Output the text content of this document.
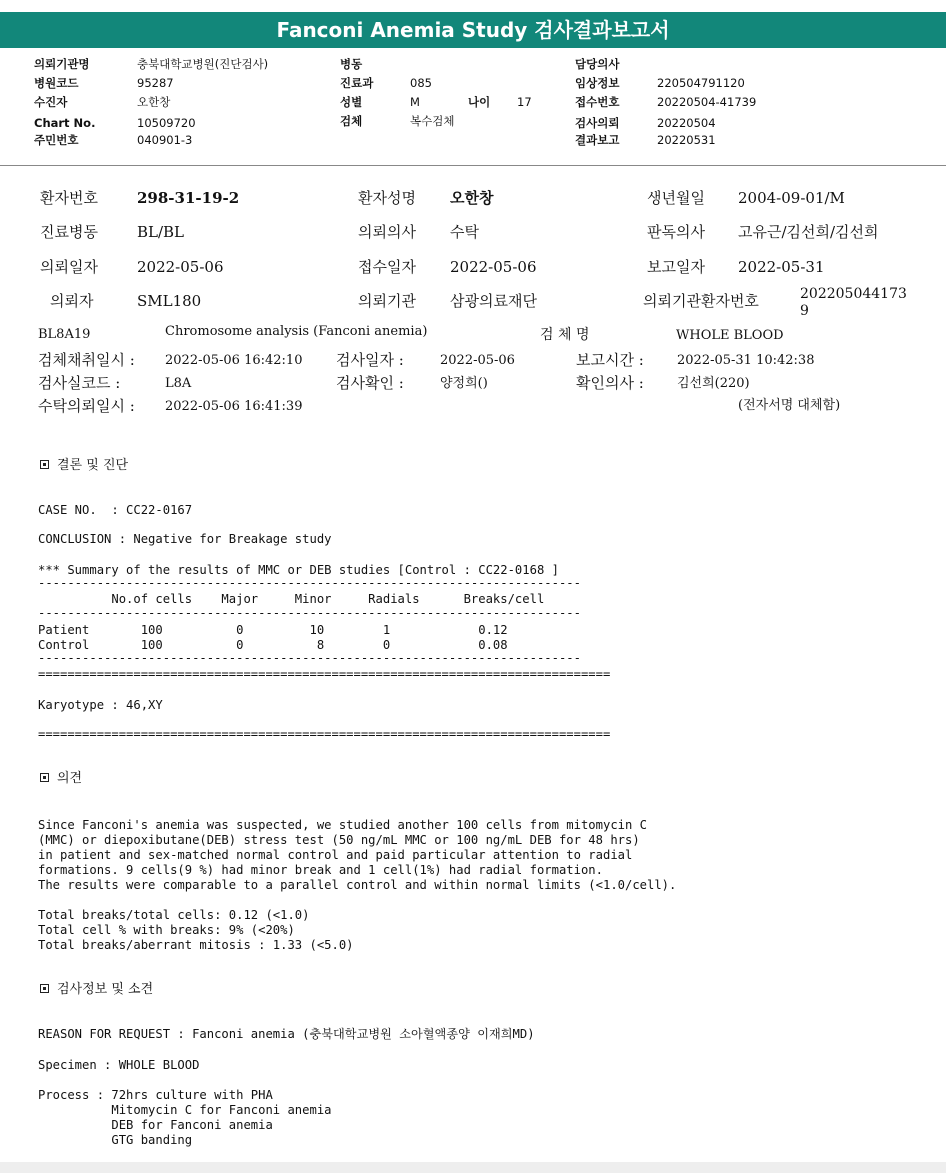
Fanconi Anemia Study 검사결과보고서
의뢰기관명	충북대학교병원(진단검사)
병원코드	95287
수진자	오한창
Chart No.	10509720
주민번호	040901-3
병동
진료과	085
성별	M	나이 17
검체	복수검체
담당의사
임상정보	220504791120
접수번호	20220504-41739
검사의뢰	20220504
결과보고	20220531
환자번호	298-31-19-2	환자성명 오한창	생년월일 2004-09-01/M
진료병동	BL/BL	의뢰의사 수탁	판독의사 고유근/김선희/김선희
의뢰일자	2022-05-06	접수일자 2022-05-06	보고일자 2022-05-31
의뢰자	SML180	의뢰기관 삼광의료재단	의뢰기관환자번호	202205044173
9
BL8A19	Chromosome analysis (Fanconi anemia)	검 체 명	WHOLE BLOOD
검체채취일시 : 2022-05-06 16:42:10 검사일자 :	2022-05-06	보고시간 :	2022-05-31 10:42:38
검사실코드 :	L8A	검사확인 :	양정희()	확인의사 :	김선희(220)
수탁의뢰일시 : 2022-05-06 16:41:39	(전자서명 대체함)
결론 및 진단
CASE NO.  : CC22-0167
CONCLUSION : Negative for Breakage study
*** Summary of the results of MMC or DEB studies [Control : CC22-0168 ]
--------------------------------------------------------------------------
No.of cells    Major     Minor     Radials      Breaks/cell
--------------------------------------------------------------------------
Patient       100          0         10        1            0.12
Control       100          0          8        0            0.08
--------------------------------------------------------------------------
==============================================================================
Karyotype : 46,XY
==============================================================================
의견
Since Fanconi's anemia was suspected, we studied another 100 cells from mitomycin C
(MMC) or diepoxibutane(DEB) stress test (50 ng/mL MMC or 100 ng/mL DEB for 48 hrs)
in patient and sex-matched normal control and paid particular attention to radial
formations. 9 cells(9 %) had minor break and 1 cell(1%) had radial formation.
The results were comparable to a parallel control and within normal limits (<1.0/cell).
Total breaks/total cells: 0.12 (<1.0)
Total cell % with breaks: 9% (<20%)
Total breaks/aberrant mitosis : 1.33 (<5.0)
검사정보 및 소견
REASON FOR REQUEST : Fanconi anemia (충북대학교병원 소아혈액종양 이재희MD)
Specimen : WHOLE BLOOD
Process : 72hrs culture with PHA
Mitomycin C for Fanconi anemia
DEB for Fanconi anemia
GTG banding
